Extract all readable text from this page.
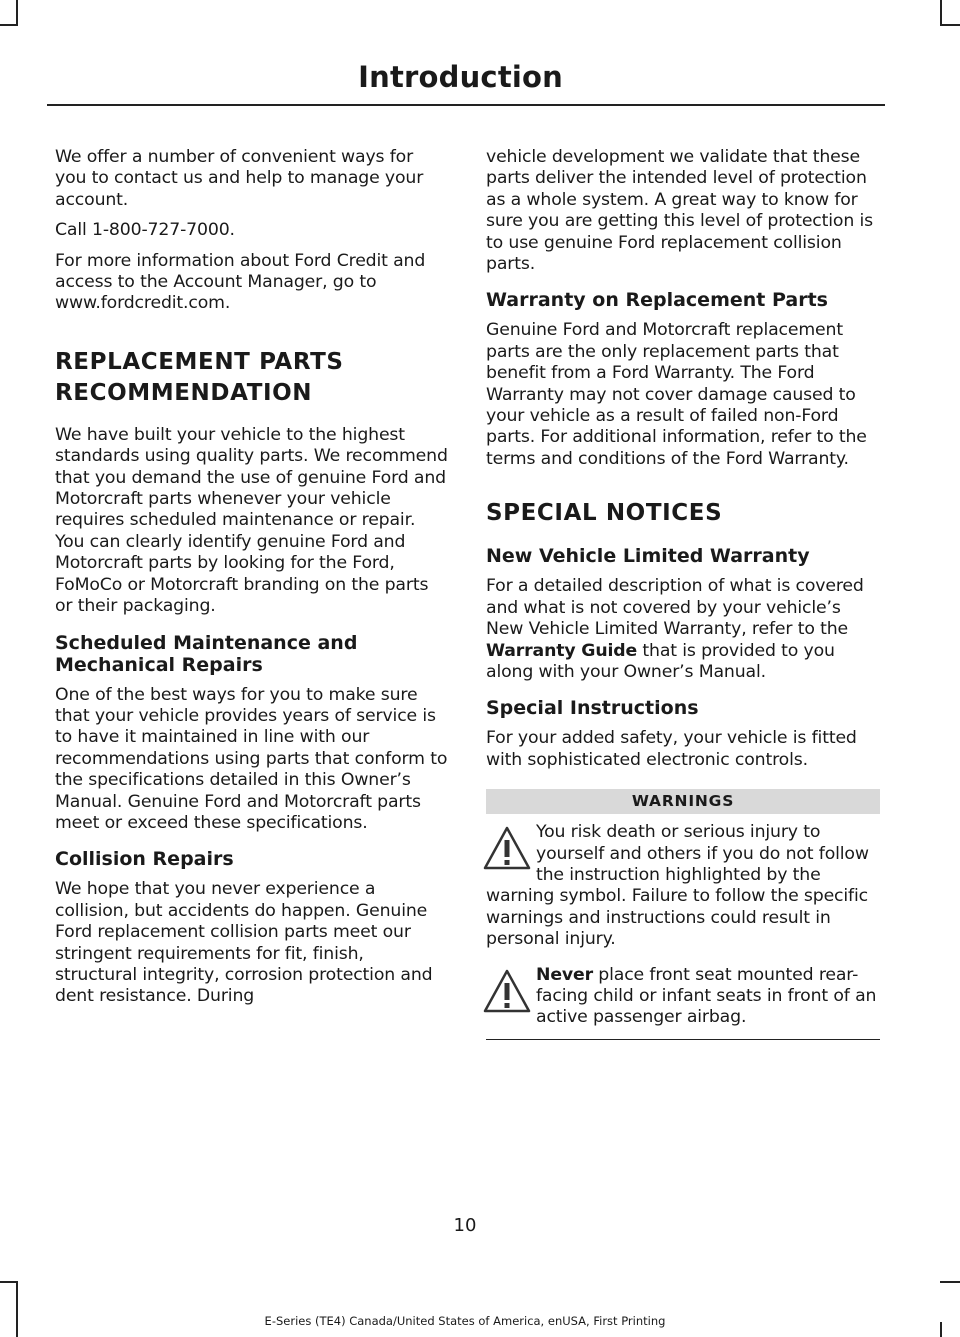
Introduction

We offer a number of convenient ways for you to contact us and help to manage your account.

Call 1-800-727-7000.

For more information about Ford Credit and access to the Account Manager, go to www.fordcredit.com.

REPLACEMENT PARTS
RECOMMENDATION

We have built your vehicle to the highest standards using quality parts. We recommend that you demand the use of genuine Ford and Motorcraft parts whenever your vehicle requires scheduled maintenance or repair. You can clearly identify genuine Ford and Motorcraft parts by looking for the Ford, FoMoCo or Motorcraft branding on the parts or their packaging.

Scheduled Maintenance and Mechanical Repairs

One of the best ways for you to make sure that your vehicle provides years of service is to have it maintained in line with our recommendations using parts that conform to the specifications detailed in this Owner’s Manual. Genuine Ford and Motorcraft parts meet or exceed these specifications.

Collision Repairs

We hope that you never experience a collision, but accidents do happen. Genuine Ford replacement collision parts meet our stringent requirements for fit, finish, structural integrity, corrosion protection and dent resistance. During

vehicle development we validate that these parts deliver the intended level of protection as a whole system. A great way to know for sure you are getting this level of protection is to use genuine Ford replacement collision parts.

Warranty on Replacement Parts

Genuine Ford and Motorcraft replacement parts are the only replacement parts that benefit from a Ford Warranty. The Ford Warranty may not cover damage caused to your vehicle as a result of failed non-Ford parts. For additional information, refer to the terms and conditions of the Ford Warranty.

SPECIAL NOTICES
New Vehicle Limited Warranty

For a detailed description of what is covered and what is not covered by your vehicle’s New Vehicle Limited Warranty, refer to the Warranty Guide that is provided to you along with your Owner’s Manual.

Special Instructions

For your added safety, your vehicle is fitted with sophisticated electronic controls.

WARNINGS

You risk death or serious injury to yourself and others if you do not follow the instruction highlighted by the warning symbol. Failure to follow the specific warnings and instructions could result in personal injury.

Never place front seat mounted rear-facing child or infant seats in front of an active passenger airbag.

10
E-Series (TE4) Canada/United States of America, enUSA, First Printing
